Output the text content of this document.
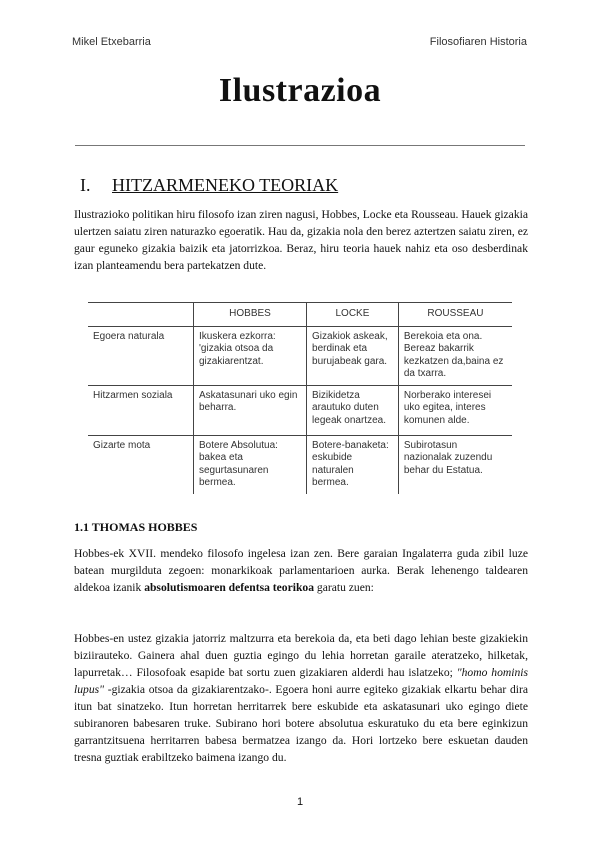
Mikel Etxebarria	Filosofiaren Historia
Ilustrazioa
I. HITZARMENEKO TEORIAK

Ilustrazioko politikan hiru filosofo izan ziren nagusi, Hobbes, Locke eta Rousseau. Hauek gizakia ulertzen saiatu ziren naturazko egoeratik. Hau da, gizakia nola den berez aztertzen saiatu ziren, ez gaur eguneko gizakia baizik eta jatorrizkoa. Beraz, hiru teoria hauek nahiz eta oso desberdinak izan planteamendu bera partekatzen dute.

	HOBBES	LOCKE	ROUSSEAU
Egoera naturala	Ikuskera ezkorra: 'gizakia otsoa da gizakiarentzat.	Gizakiok askeak, berdinak eta burujabeak gara.	Berekoia eta ona. Bereaz bakarrik kezkatzen da,baina ez da txarra.
Hitzarmen soziala	Askatasunari uko egin beharra.	Bizikidetza arautuko duten legeak onartzea.	Norberako interesei uko egitea, interes komunen alde.
Gizarte mota	Botere Absolutua: bakea eta segurtasunaren bermea.	Botere-banaketa: eskubide naturalen bermea.	Subirotasun nazionalak zuzendu behar du Estatua.
1.1 THOMAS HOBBES

Hobbes-ek XVII. mendeko filosofo ingelesa izan zen. Bere garaian Ingalaterra guda zibil luze batean murgilduta zegoen: monarkikoak parlamentarioen aurka. Berak lehenengo taldearen aldekoa izanik absolutismoaren defentsa teorikoa garatu zuen:

Hobbes-en ustez gizakia jatorriz maltzurra eta berekoia da, eta beti dago lehian beste gizakiekin biziirauteko. Gainera ahal duen guztia egingo du lehia horretan garaile ateratzeko, hilketak, lapurretak… Filosofoak esapide bat sortu zuen gizakiaren alderdi hau islatzeko; "homo hominis lupus" -gizakia otsoa da gizakiarentzako-. Egoera honi aurre egiteko gizakiak elkartu behar dira itun bat sinatzeko. Itun horretan herritarrek bere eskubide eta askatasunari uko egingo diete subiranoren babesaren truke. Subirano hori botere absolutua eskuratuko du eta bere eginkizun garrantzitsuena herritarren babesa bermatzea izango da. Hori lortzeko bere eskuetan dauden tresna guztiak erabiltzeko baimena izango du.

1
